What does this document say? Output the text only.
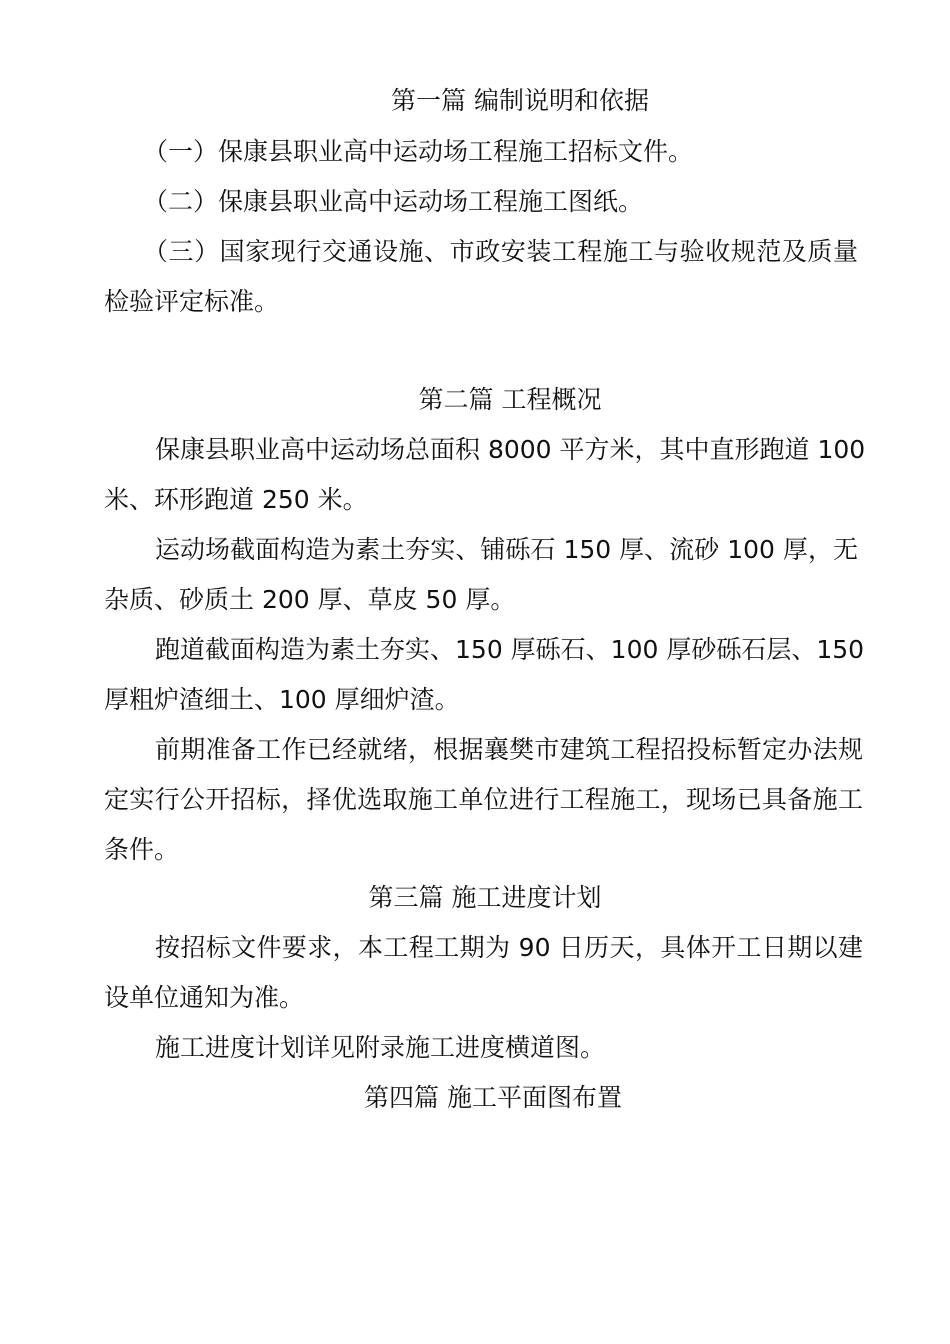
第一篇 编制说明和依据
（一）保康县职业高中运动场工程施工招标文件。
（二）保康县职业高中运动场工程施工图纸。
（三）国家现行交通设施、市政安装工程施工与验收规范及质量
检验评定标准。
第二篇 工程概况
保康县职业高中运动场总面积 8000 平方米，其中直形跑道 100
米、环形跑道 250 米。
运动场截面构造为素土夯实、铺砾石 150 厚、流砂 100 厚，无
杂质、砂质土 200 厚、草皮 50 厚。
跑道截面构造为素土夯实、150 厚砾石、100 厚砂砾石层、150
厚粗炉渣细土、100 厚细炉渣。
前期准备工作已经就绪，根据襄樊市建筑工程招投标暂定办法规
定实行公开招标，择优选取施工单位进行工程施工，现场已具备施工
条件。
第三篇 施工进度计划
按招标文件要求，本工程工期为 90 日历天，具体开工日期以建
设单位通知为准。
施工进度计划详见附录施工进度横道图。
第四篇 施工平面图布置
